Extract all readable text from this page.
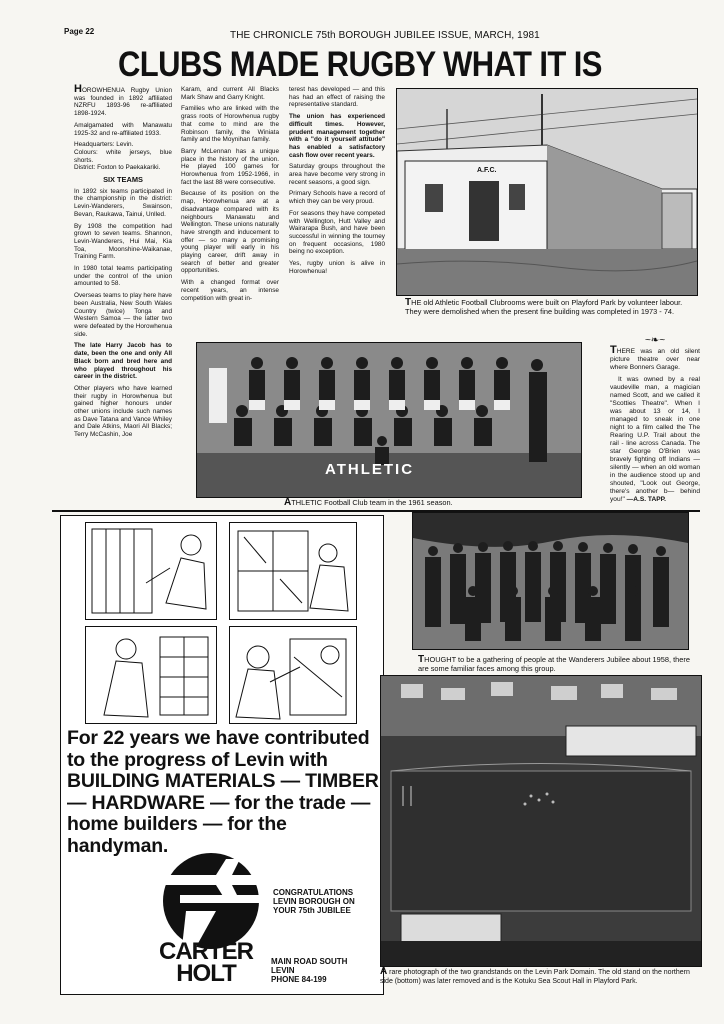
Page 22	THE CHRONICLE 75th BOROUGH JUBILEE ISSUE, MARCH, 1981
CLUBS MADE RUGBY WHAT IT IS

HOROWHENUA Rugby Union was founded in 1892 affiliated NZRFU 1893-96 re-affiliated 1898-1924.

Amalgamated with Manawatu 1925-32 and re-affiliated 1933.

Headquarters: Levin.

Colours: white jerseys, blue shorts.

District: Foxton to Paekakariki.

SIX TEAMS

In 1892 six teams participated in the championship in the district: Levin-Wanderers, Swainson, Bevan, Raukawa, Tainui, Unlled.

By 1908 the competition had grown to seven teams. Shannon, Levin-Wanderers, Hui Mai, Kia Toa, Moonshine-Waikanae, Training Farm.

In 1980 total teams participating under the control of the union amounted to 58.

Overseas teams to play here have been Australia, New South Wales Country (twice) Tonga and Western Samoa — the latter two were defeated by the Horowhenua side.

The late Harry Jacob has to date, been the one and only All Black born and bred here and who played throughout his career in the district.

Other players who have learned their rugby in Horowhenua but gained higher honours under other unions include such names as Dave Tatana and Vance Whiley and Dale Atkins, Maori All Blacks; Terry McCashin, Joe

Karam, and current All Blacks Mark Shaw and Garry Knight.

Families who are linked with the grass roots of Horowhenua rugby that come to mind are the Robinson family, the Winiata family and the Moynihan family.

Barry McLennan has a unique place in the history of the union. He played 100 games for Horowhenua from 1952-1966, in fact the last 88 were consecutive.

Because of its position on the map, Horowhenua are at a disadvantage compared with its neighbours Manawatu and Wellington. These unions naturally have strength and inducement to offer — so many a promising young player will early in his playing career, drift away in search of better and greater opportunities.

With a changed format over recent years, an intense competition with great in-

terest has developed — and this has had an effect of raising the representative standard.

The union has experienced difficult times. However, prudent management together with a "do it yourself attitude" has enabled a satisfactory cash flow over recent years.

Saturday groups throughout the area have become very strong in recent seasons, a good sign.

Primary Schools have a record of which they can be very proud.

For seasons they have competed with Wellington, Hutt Valley and Wairarapa Bush, and have been successful in winning the tourney on frequent occasions, 1980 being no exception.

Yes, rugby union is alive in Horowhenua!

A.F.C.
THE old Athletic Football Clubrooms were built on Playford Park by volunteer labour. They were demolished when the present fine building was completed in 1973 - 74.
ATHLETIC
ATHLETIC Football Club team in the 1961 season.
~❧~

THERE was an old silent picture theatre over near where Bonners Garage.

It was owned by a real vaudeville man, a magician named Scott, and we called it "Scotties Theatre". When I was about 13 or 14, I managed to sneak in one night to a film called the The Rearing U.P. Trail about the rail - line across Canada. The star George O'Brien was bravely fighting off Indians — silently — when an old woman in the audience stood up and shouted, "Look out George, there's another b— behind you!" —A.S. TAPP.

For 22 years we have contributed to the progress of Levin with BUILDING MATERIALS — TIMBER — HARDWARE — for the trade — home builders — for the handyman.
CONGRATULATIONS
LEVIN BOROUGH ON
YOUR 75th JUBILEE
CARTER
HOLT	MAIN ROAD SOUTH
LEVIN
PHONE 84-199
THOUGHT to be a gathering of people at the Wanderers Jubilee about 1958, there are some familiar faces among this group.
A rare photograph of the two grandstands on the Levin Park Domain. The old stand on the northern side (bottom) was later removed and is the Kotuku Sea Scout Hall in Playford Park.
